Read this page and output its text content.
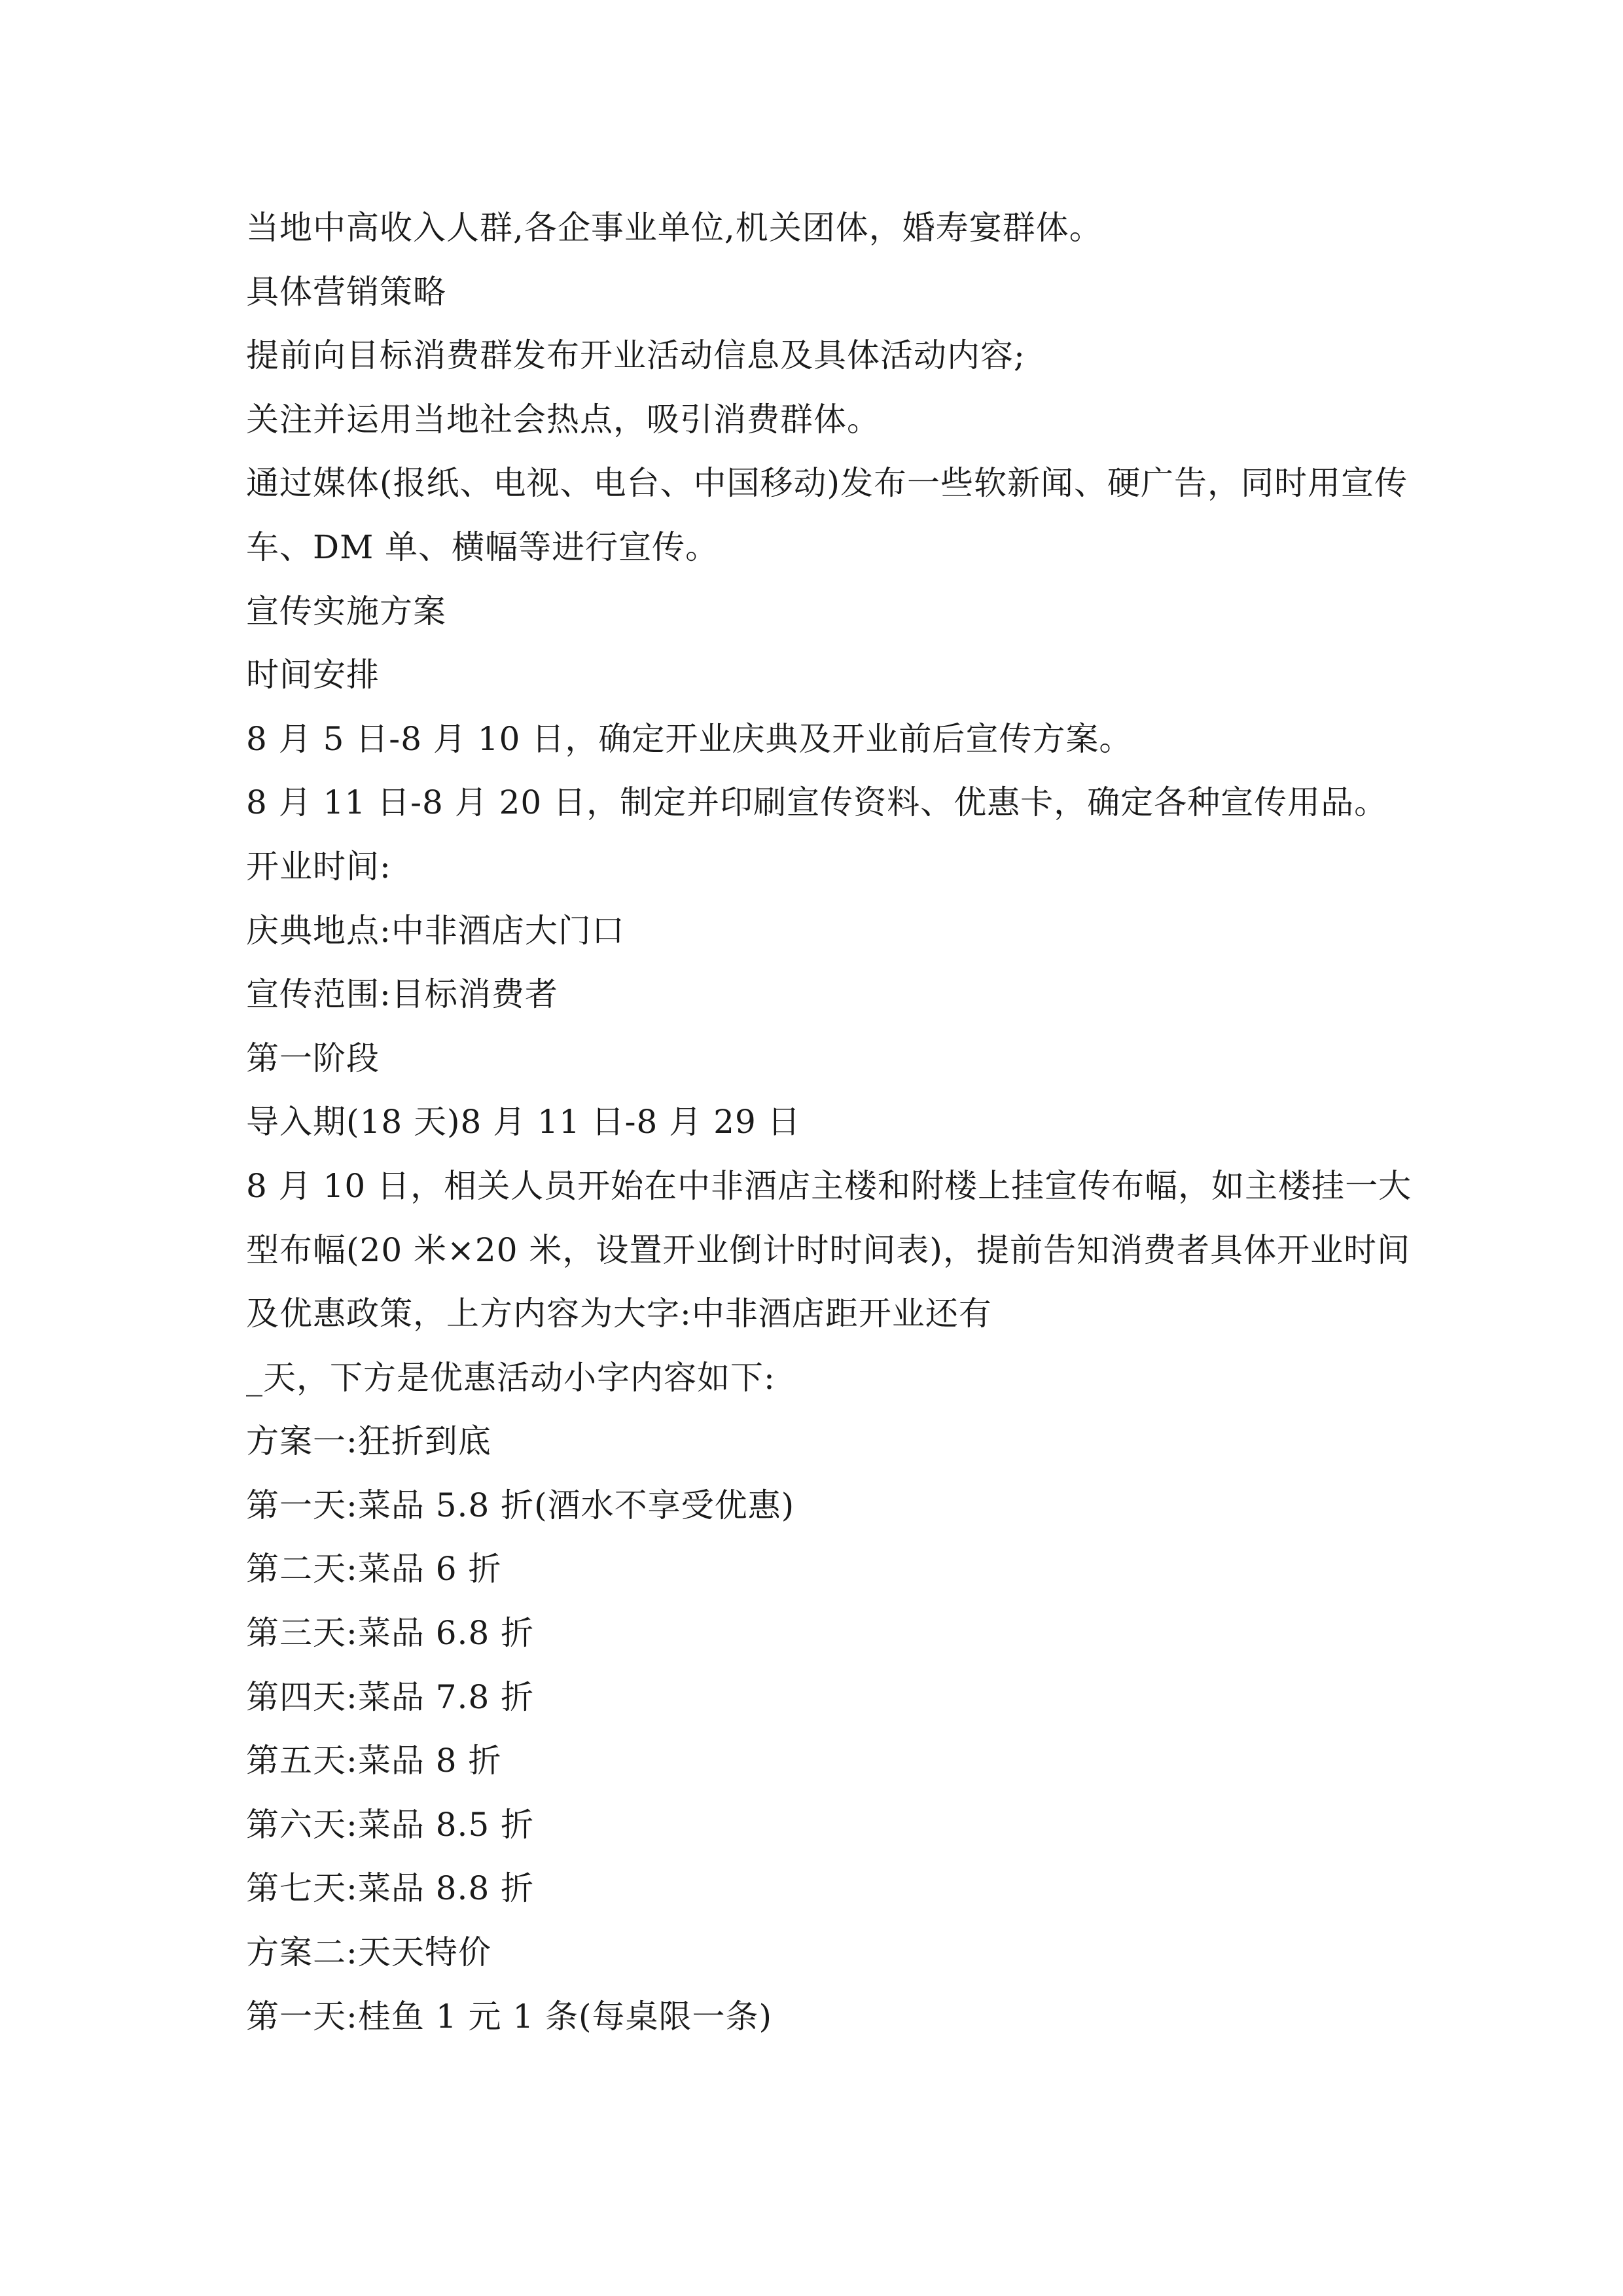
当地中高收入人群,各企事业单位,机关团体，婚寿宴群体。
具体营销策略
提前向目标消费群发布开业活动信息及具体活动内容;
关注并运用当地社会热点，吸引消费群体。
通过媒体(报纸、电视、电台、中国移动)发布一些软新闻、硬广告，同时用宣传
车、DM 单、横幅等进行宣传。
宣传实施方案
时间安排
8 月 5 日-8 月 10 日，确定开业庆典及开业前后宣传方案。
8 月 11 日-8 月 20 日，制定并印刷宣传资料、优惠卡，确定各种宣传用品。
开业时间:
庆典地点:中非酒店大门口
宣传范围:目标消费者
第一阶段
导入期(18 天)8 月 11 日-8 月 29 日
8 月 10 日，相关人员开始在中非酒店主楼和附楼上挂宣传布幅，如主楼挂一大
型布幅(20 米×20 米，设置开业倒计时时间表)，提前告知消费者具体开业时间
及优惠政策，上方内容为大字:中非酒店距开业还有
_天，下方是优惠活动小字内容如下:
方案一:狂折到底
第一天:菜品 5.8 折(酒水不享受优惠)
第二天:菜品 6 折
第三天:菜品 6.8 折
第四天:菜品 7.8 折
第五天:菜品 8 折
第六天:菜品 8.5 折
第七天:菜品 8.8 折
方案二:天天特价
第一天:桂鱼 1 元 1 条(每桌限一条)
